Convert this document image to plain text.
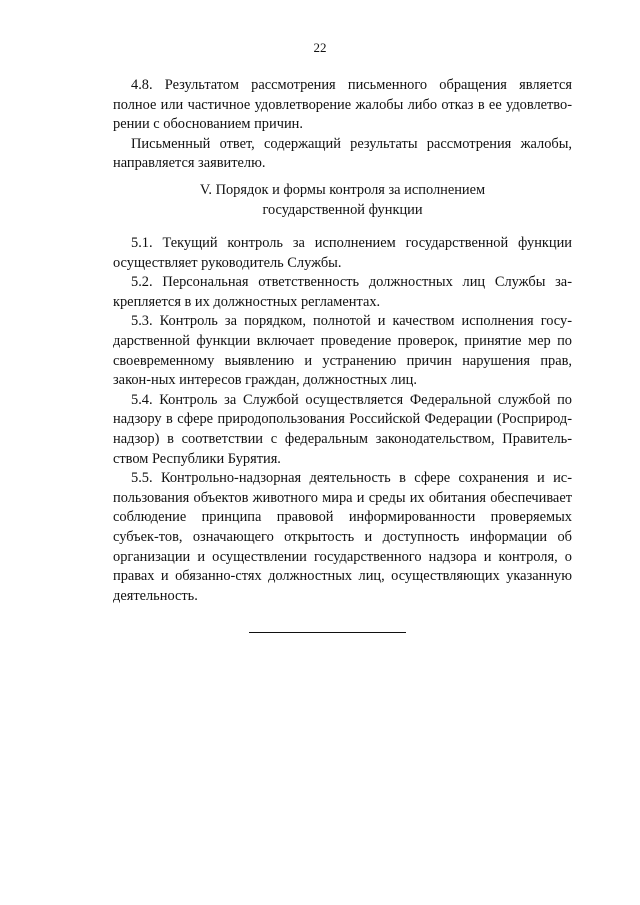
22

4.8. Результатом рассмотрения письменного обращения является полное или частичное удовлетворение жалобы либо отказ в ее удовлетво-рении с обоснованием причин.

Письменный ответ, содержащий результаты рассмотрения жалобы, направляется заявителю.

V. Порядок и формы контроля за исполнением
государственной функции

5.1. Текущий контроль за исполнением государственной функции осуществляет руководитель Службы.

5.2. Персональная ответственность должностных лиц Службы за-крепляется в их должностных регламентах.

5.3. Контроль за порядком, полнотой и качеством исполнения госу-дарственной функции включает проведение проверок, принятие мер по своевременному выявлению и устранению причин нарушения прав, закон-ных интересов граждан, должностных лиц.

5.4. Контроль за Службой осуществляется Федеральной службой по надзору в сфере природопользования Российской Федерации (Росприрод-надзор) в соответствии с федеральным законодательством, Правитель-ством Республики Бурятия.

5.5. Контрольно-надзорная деятельность в сфере сохранения и ис-пользования объектов животного мира и среды их обитания обеспечивает соблюдение принципа правовой информированности проверяемых субъек-тов, означающего открытость и доступность информации об организации и осуществлении государственного надзора и контроля, о правах и обязанно-стях должностных лиц, осуществляющих указанную деятельность.
